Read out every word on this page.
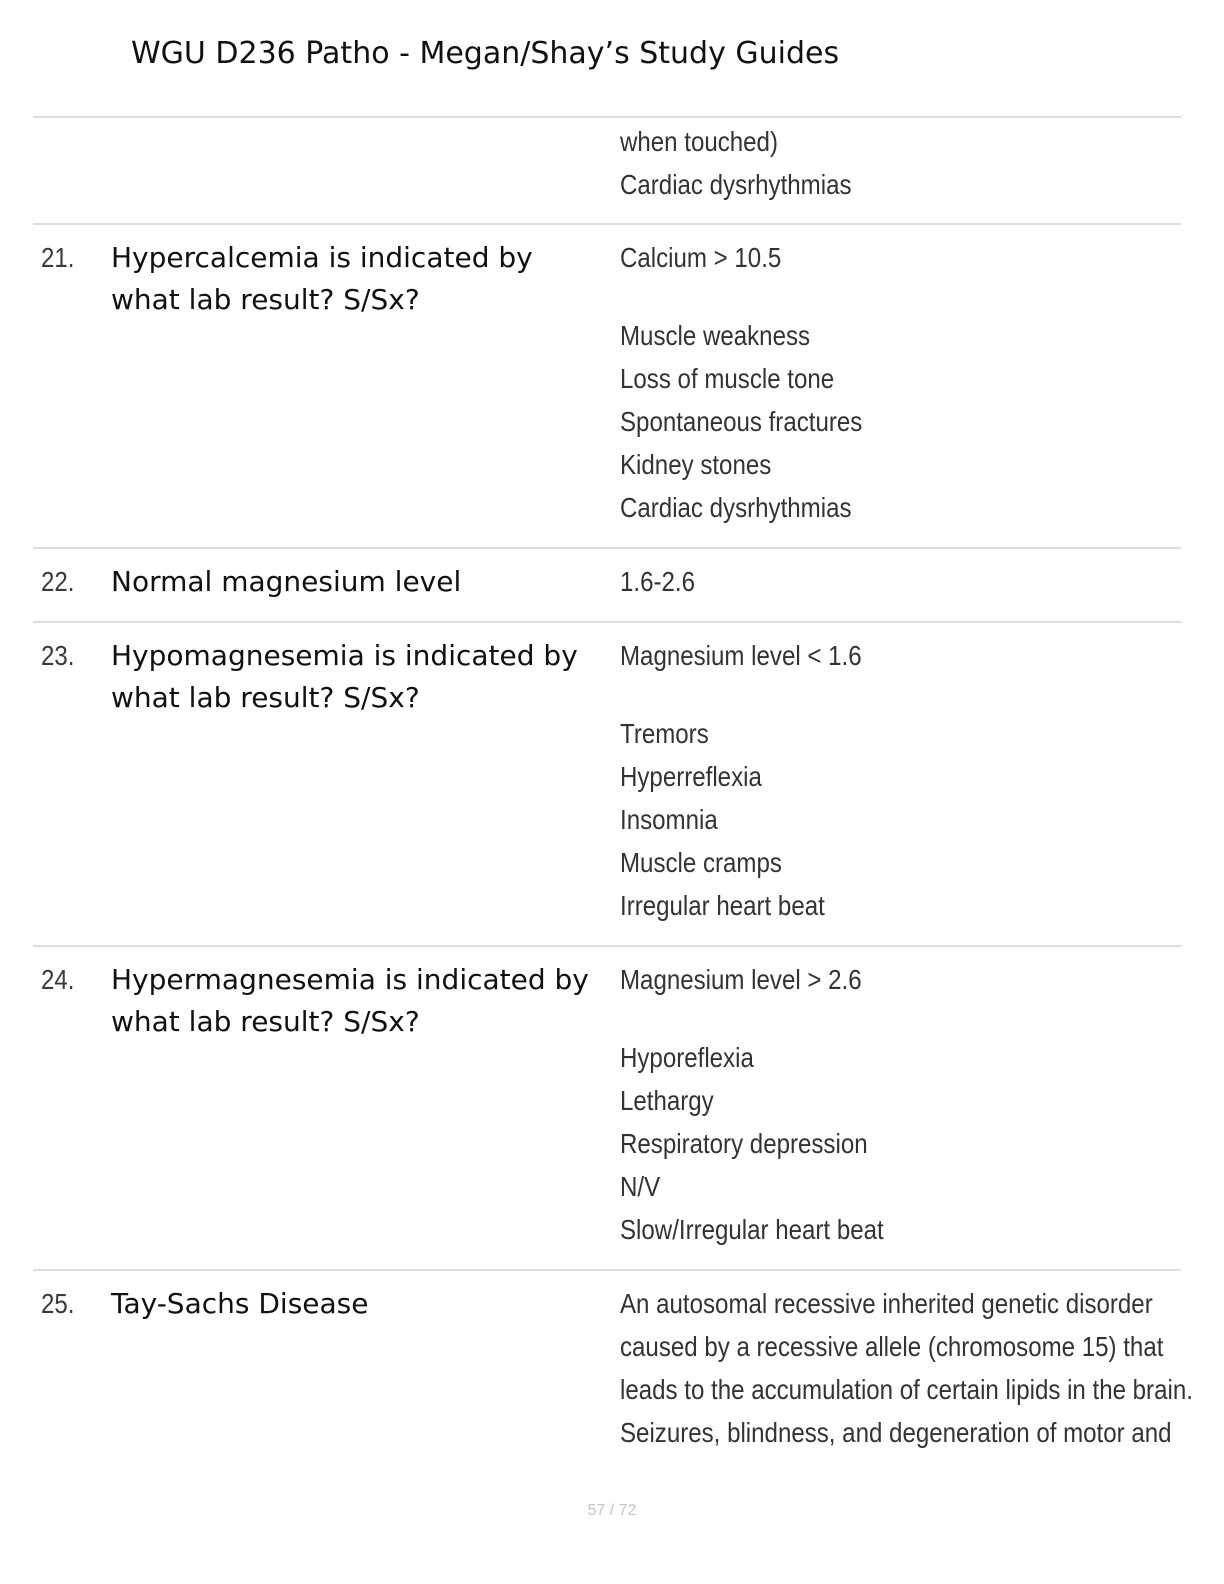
WGU D236 Patho - Megan/Shay’s Study Guides
when touched)
Cardiac dysrhythmias
21. Hypercalcemia is indicated by
what lab result? S/Sx?
Calcium > 10.5
Muscle weakness
Loss of muscle tone
Spontaneous fractures
Kidney stones
Cardiac dysrhythmias
22. Normal magnesium level	1.6-2.6
23. Hypomagnesemia is indicated by
what lab result? S/Sx?
Magnesium level < 1.6
Tremors
Hyperreflexia
Insomnia
Muscle cramps
Irregular heart beat
24. Hypermagnesemia is indicated by
what lab result? S/Sx?
Magnesium level > 2.6
Hyporeflexia
Lethargy
Respiratory depression
N/V
Slow/Irregular heart beat
25. Tay-Sachs Disease	An autosomal recessive inherited genetic disorder
caused by a recessive allele (chromosome 15) that
leads to the accumulation of certain lipids in the brain.
Seizures, blindness, and degeneration of motor and
57 / 72
